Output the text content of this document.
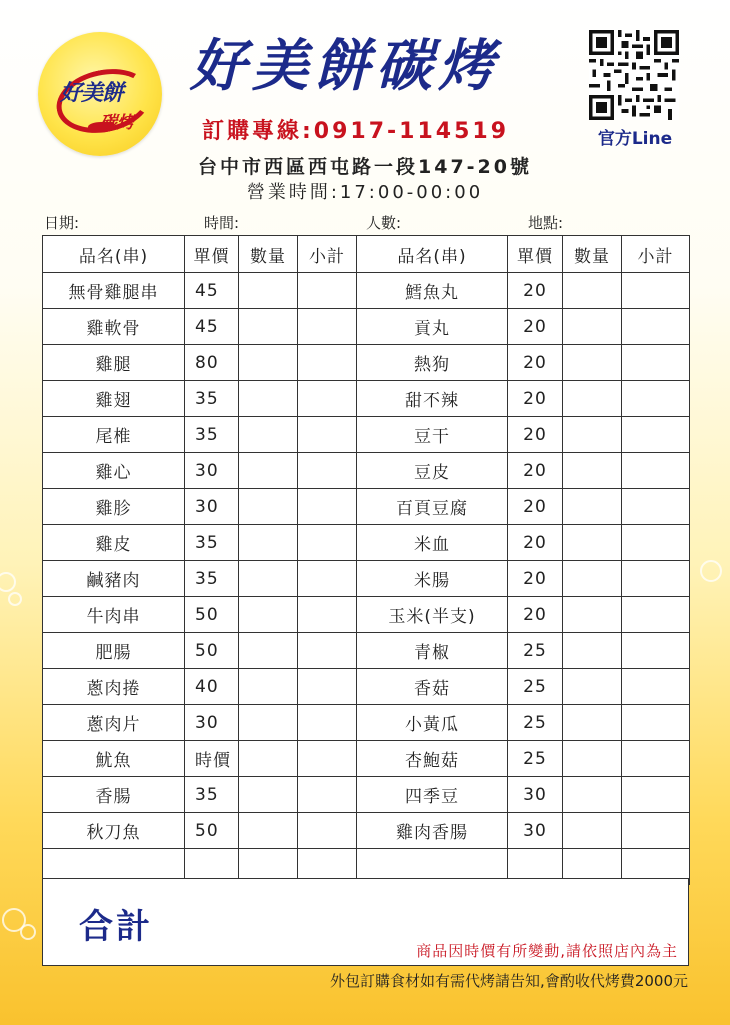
好美餅
碳烤
好美餅碳烤
訂購專線:0917-114519	官方Line
台中市西區西屯路一段147-20號
營業時間:17:00-00:00
日期:	時間:	人數:	地點:
品名(串)	單價	數量	小計	品名(串)	單價	數量	小計
無骨雞腿串	45			鱈魚丸	20		
雞軟骨	45			貢丸	20		
雞腿	80			熱狗	20		
雞翅	35			甜不辣	20		
尾椎	35			豆干	20		
雞心	30			豆皮	20		
雞胗	30			百頁豆腐	20		
雞皮	35			米血	20		
鹹豬肉	35			米腸	20		
牛肉串	50			玉米(半支)	20		
肥腸	50			青椒	25		
蔥肉捲	40			香菇	25		
蔥肉片	30			小黃瓜	25		
魷魚	時價			杏鮑菇	25		
香腸	35			四季豆	30		
秋刀魚	50			雞肉香腸	30		

合計
商品因時價有所變動,請依照店內為主
外包訂購食材如有需代烤請告知,會酌收代烤費2000元
